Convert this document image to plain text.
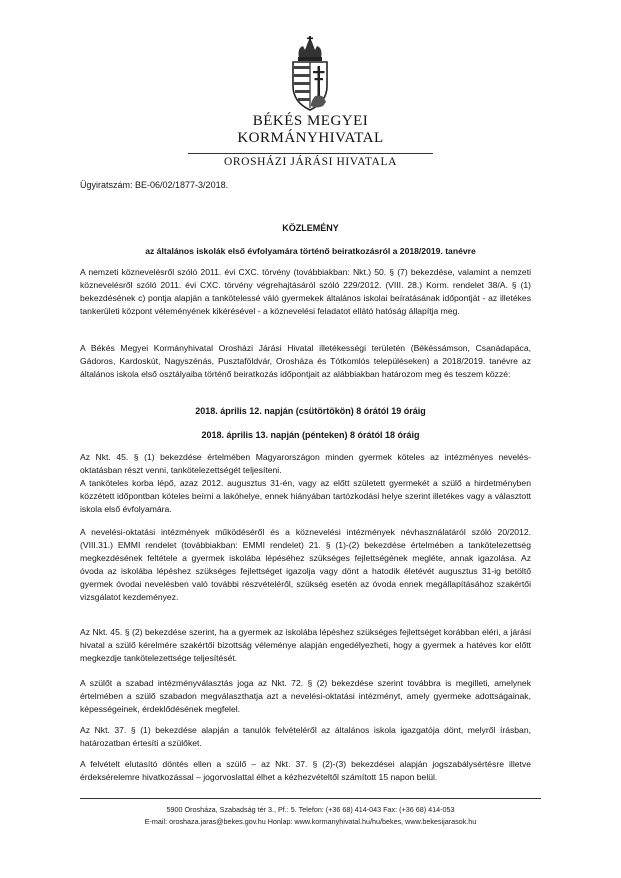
BÉKÉS MEGYEI
KORMÁNYHIVATAL
OROSHÁZI JÁRÁSI HIVATALA
Ügyiratszám: BE-06/02/1877-3/2018.
KÖZLEMÉNY
az általános iskolák első évfolyamára történő beiratkozásról a 2018/2019. tanévre

A nemzeti köznevelésről szóló 2011. évi CXC. törvény (továbbiakban: Nkt.) 50. § (7) bekezdése, valamint a nemzeti köznevelésről szóló 2011. évi CXC. törvény végrehajtásáról szóló 229/2012. (VIII. 28.) Korm. rendelet 38/A. § (1) bekezdésének c) pontja alapján a tankötelessé váló gyermekek általános iskolai beíratásának időpontját - az illetékes tankerületi központ véleményének kikérésével - a köznevelési feladatot ellátó hatóság állapítja meg.

A Békés Megyei Kormányhivatal Orosházi Járási Hivatal illetékességi területén (Békéssámson, Csanádapáca, Gádoros, Kardoskút, Nagyszénás, Pusztaföldvár, Orosháza és Tótkomlós településeken) a 2018/2019. tanévre az általános iskola első osztályaiba történő beiratkozás időpontjait az alábbiakban határozom meg és teszem közzé:

2018. április 12. napján (csütörtökön) 8 órától 19 óráig
2018. április 13. napján (pénteken) 8 órától 18 óráig

Az Nkt. 45. § (1) bekezdése értelmében Magyarországon minden gyermek köteles az intézményes nevelés-oktatásban részt venni, tankötelezettségét teljesíteni.

A tanköteles korba lépő, azaz 2012. augusztus 31-én, vagy az előtt született gyermekét a szülő a hirdetményben közzétett időpontban köteles beírni a lakóhelye, ennek hiányában tartózkodási helye szerint illetékes vagy a választott iskola első évfolyamára.

A nevelési-oktatási intézmények működéséről és a köznevelési intézmények névhasználatáról szóló 20/2012. (VIII.31.) EMMI rendelet (továbbiakban: EMMI rendelet) 21. § (1)-(2) bekezdése értelmében a tankötelezettség megkezdésének feltétele a gyermek iskolába lépéséhez szükséges fejlettségének megléte, annak igazolása. Az óvoda az iskolába lépéshez szükséges fejlettséget igazolja vagy dönt a hatodik életévét augusztus 31-ig betöltő gyermek óvodai nevelésben való további részvételéről, szükség esetén az óvoda ennek megállapításához szakértői vizsgálatot kezdeményez.

Az Nkt. 45. § (2) bekezdése szerint, ha a gyermek az iskolába lépéshez szükséges fejlettséget korábban eléri, a járási hivatal a szülő kérelmére szakértői bizottság véleménye alapján engedélyezheti, hogy a gyermek a hatéves kor előtt megkezdje tankötelezettsége teljesítését.

A szülőt a szabad intézményválasztás joga az Nkt. 72. § (2) bekezdése szerint továbbra is megilleti, amelynek értelmében a szülő szabadon megválaszthatja azt a nevelési-oktatási intézményt, amely gyermeke adottságainak, képességeinek, érdeklődésének megfelel.

Az Nkt. 37. § (1) bekezdése alapján a tanulók felvételéről az általános iskola igazgatója dönt, melyről írásban, határozatban értesíti a szülőket.

A felvételt elutasító döntés ellen a szülő – az Nkt. 37. § (2)-(3) bekezdései alapján jogszabálysértésre illetve érdeksérelemre hivatkozással – jogorvoslattal élhet a kézhezvételtől számított 15 napon belül.

5900 Orosháza, Szabadság tér 3., Pf.: 5. Telefon: (+36 68) 414-043 Fax: (+36 68) 414-053
E-mail: oroshaza.jaras@bekes.gov.hu Honlap: www.kormanyhivatal.hu/hu/bekes, www.bekesijarasok.hu
